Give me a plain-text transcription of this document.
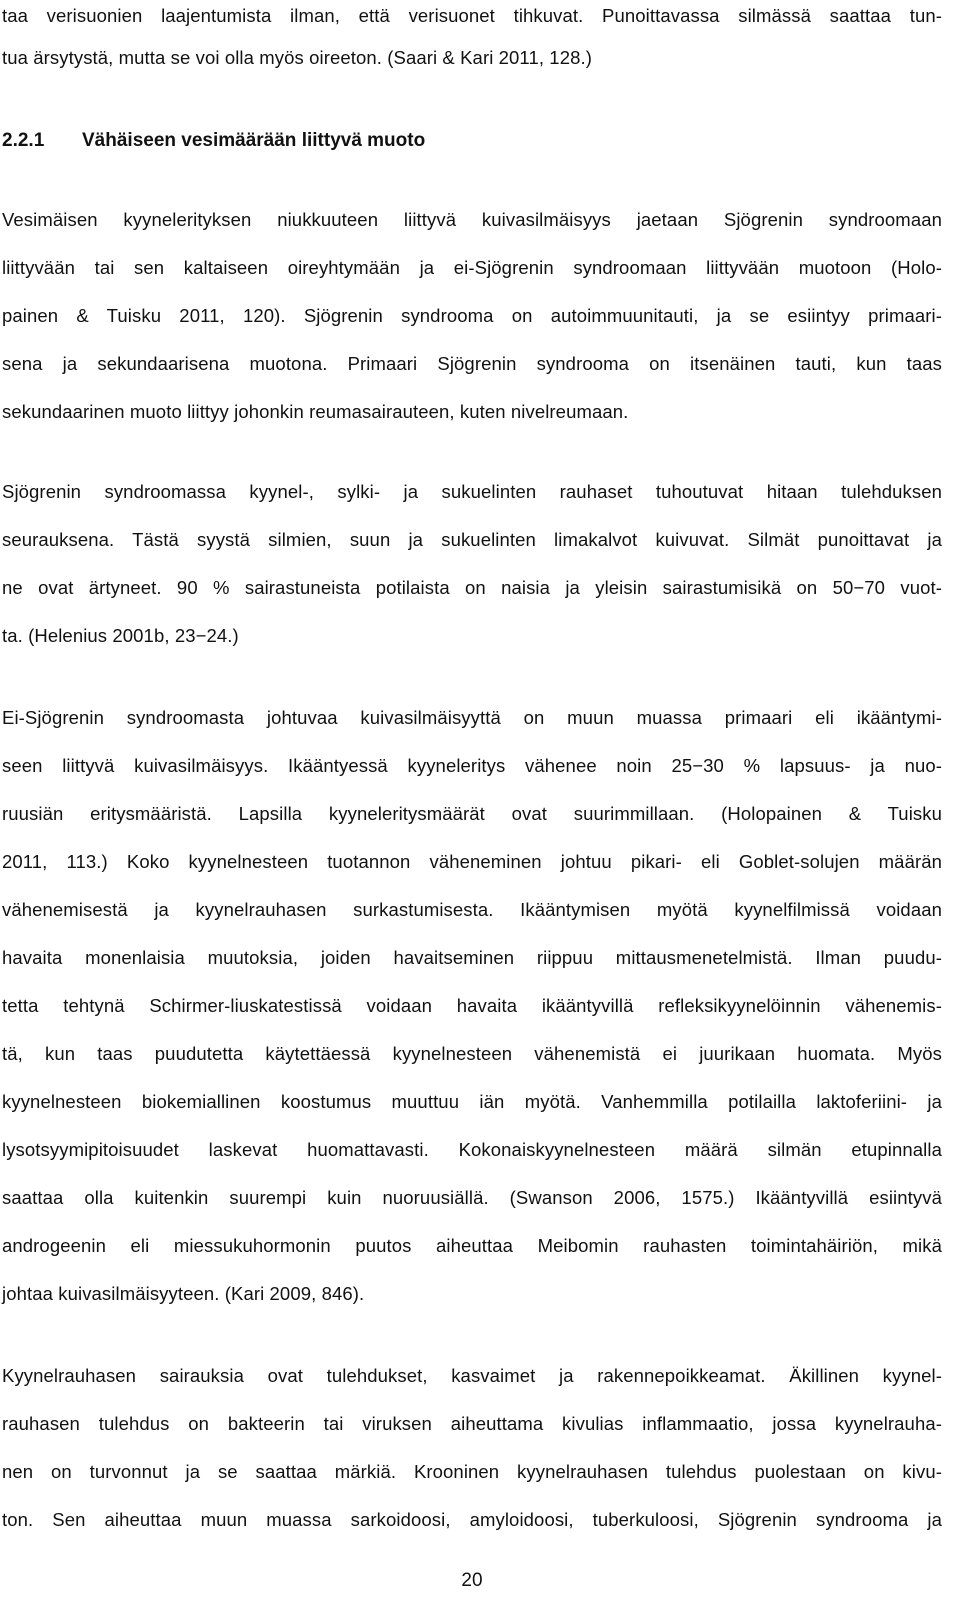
taa verisuonien laajentumista ilman, että verisuonet tihkuvat. Punoittavassa silmässä saattaa tun-
tua ärsytystä, mutta se voi olla myös oireeton. (Saari & Kari 2011, 128.)
2.2.1 Vähäiseen vesimäärään liittyvä muoto
Vesimäisen kyynelerityksen niukkuuteen liittyvä kuivasilmäisyys jaetaan Sjögrenin syndroomaan
liittyvään tai sen kaltaiseen oireyhtymään ja ei-Sjögrenin syndroomaan liittyvään muotoon (Holo-
painen & Tuisku 2011, 120). Sjögrenin syndrooma on autoimmuunitauti, ja se esiintyy primaari-
sena ja sekundaarisena muotona. Primaari Sjögrenin syndrooma on itsenäinen tauti, kun taas
sekundaarinen muoto liittyy johonkin reumasairauteen, kuten nivelreumaan.
Sjögrenin syndroomassa kyynel-, sylki- ja sukuelinten rauhaset tuhoutuvat hitaan tulehduksen
seurauksena. Tästä syystä silmien, suun ja sukuelinten limakalvot kuivuvat. Silmät punoittavat ja
ne ovat ärtyneet. 90 % sairastuneista potilaista on naisia ja yleisin sairastumisikä on 50−70 vuot-
ta. (Helenius 2001b, 23−24.)
Ei-Sjögrenin syndroomasta johtuvaa kuivasilmäisyyttä on muun muassa primaari eli ikääntymi-
seen liittyvä kuivasilmäisyys. Ikääntyessä kyyneleritys vähenee noin 25−30 % lapsuus- ja nuo-
ruusiän eritysmääristä. Lapsilla kyyneleritysmäärät ovat suurimmillaan. (Holopainen & Tuisku
2011, 113.) Koko kyynelnesteen tuotannon väheneminen johtuu pikari- eli Goblet-solujen määrän
vähenemisestä ja kyynelrauhasen surkastumisesta. Ikääntymisen myötä kyynelfilmissä voidaan
havaita monenlaisia muutoksia, joiden havaitseminen riippuu mittausmenetelmistä. Ilman puudu-
tetta tehtynä Schirmer-liuskatestissä voidaan havaita ikääntyvillä refleksikyynelöinnin vähenemis-
tä, kun taas puudutetta käytettäessä kyynelnesteen vähenemistä ei juurikaan huomata. Myös
kyynelnesteen biokemiallinen koostumus muuttuu iän myötä. Vanhemmilla potilailla laktoferiini- ja
lysotsyymipitoisuudet laskevat huomattavasti. Kokonaiskyynelnesteen määrä silmän etupinnalla
saattaa olla kuitenkin suurempi kuin nuoruusiällä. (Swanson 2006, 1575.) Ikääntyvillä esiintyvä
androgeenin eli miessukuhormonin puutos aiheuttaa Meibomin rauhasten toimintahäiriön, mikä
johtaa kuivasilmäisyyteen. (Kari 2009, 846).
Kyynelrauhasen sairauksia ovat tulehdukset, kasvaimet ja rakennepoikkeamat. Äkillinen kyynel-
rauhasen tulehdus on bakteerin tai viruksen aiheuttama kivulias inflammaatio, jossa kyynelrauha-
nen on turvonnut ja se saattaa märkiä. Krooninen kyynelrauhasen tulehdus puolestaan on kivu-
ton. Sen aiheuttaa muun muassa sarkoidoosi, amyloidoosi, tuberkuloosi, Sjögrenin syndrooma ja
20
